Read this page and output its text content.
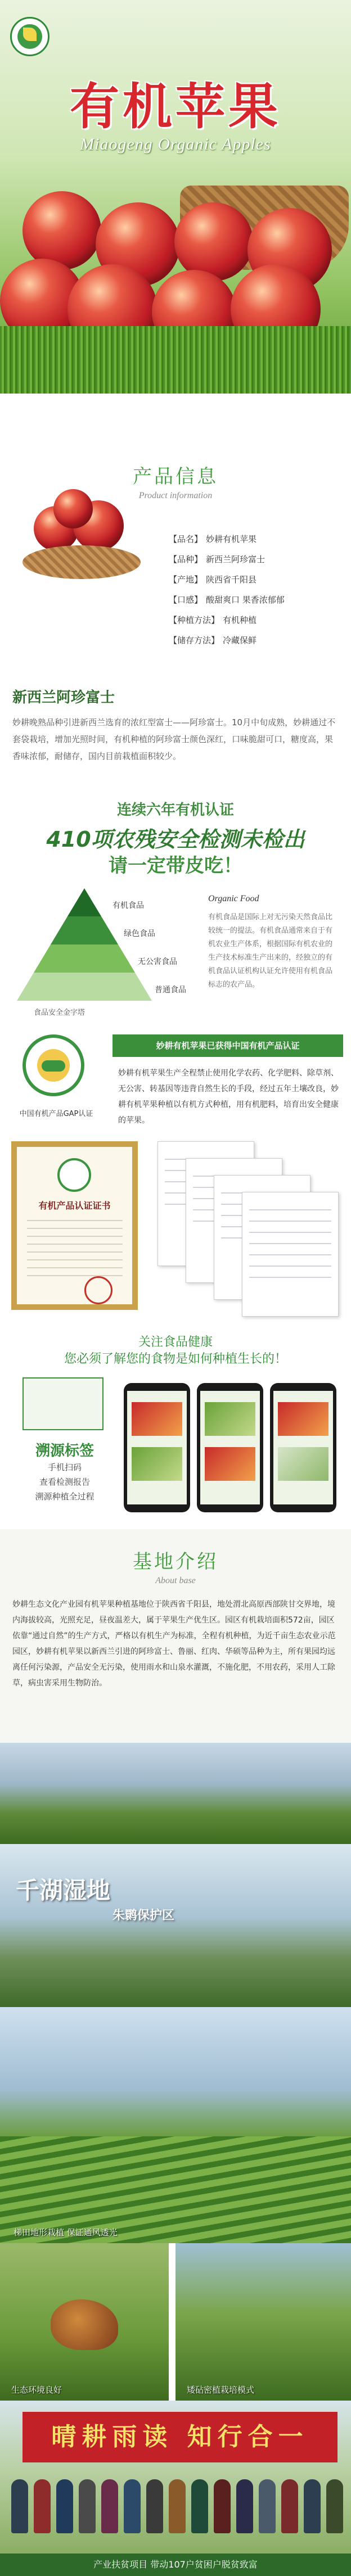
有机苹果
Miaogeng Organic Apples
产品信息
Product information
【品名】 妙耕有机苹果
【品种】 新西兰阿珍富士
【产地】 陕西省千阳县
【口感】 酸甜爽口 果香浓郁郁
【种植方法】 有机种植
【储存方法】 冷藏保鲜
新西兰阿珍富士
妙耕晚熟品种引进新西兰选育的浓红型富士——阿珍富士。10月中旬成熟，妙耕通过不套袋栽培，增加光照时间，有机种植的阿珍富士颜色深红，口味脆甜可口，糖度高，果香味浓郁，耐储存，国内目前栽植面积较少。
连续六年有机认证
410项农残安全检测未检出
请一定带皮吃！
有机食品
绿色食品
无公害食品
普通食品
食品安全金字塔
Organic Food
有机食品是国际上对无污染天然食品比较统一的提法。有机食品通常来自于有机农业生产体系，根据国际有机农业的生产技术标准生产出来的，经独立的有机食品认证机构认证允许使用有机食品标志的农产品。
中国有机产品GAP认证
妙耕有机苹果已获得中国有机产品认证
妙耕有机苹果生产全程禁止使用化学农药、化学肥料、除草剂、无公害、转基因等违背自然生长的手段，经过五年土壤改良，妙耕有机苹果种植以有机方式种植，用有机肥料，培育出安全健康的苹果。
有机产品认证证书
关注食品健康
您必须了解您的食物是如何种植生长的！
溯源标签
手机扫码
查看检测报告
溯源种植全过程
基地介绍
About base
妙耕生态文化产业园有机苹果种植基地位于陕西省千阳县，地处渭北高原西部陕甘交界地，境内海拔较高，光照充足，昼夜温差大，属于苹果生产优生区。园区有机栽培面积572亩，园区依靠“通过自然”的生产方式，严格以有机生产为标准，全程有机种植，为近千亩生态农业示范园区，妙耕有机苹果以新西兰引进的阿珍富士、鲁丽、红肉、华硕等品种为主，所有果园均远离任何污染源，产品安全无污染，使用雨水和山泉水灌溉，不施化肥，不用农药，采用人工除草，病虫害采用生物防治。
千湖湿地
朱鹮保护区
梯田地形栽植 保证通风透光
生态环境良好	矮砧密植栽培模式
晴耕雨读 知行合一
产业扶贫项目 带动107户贫困户脱贫致富
